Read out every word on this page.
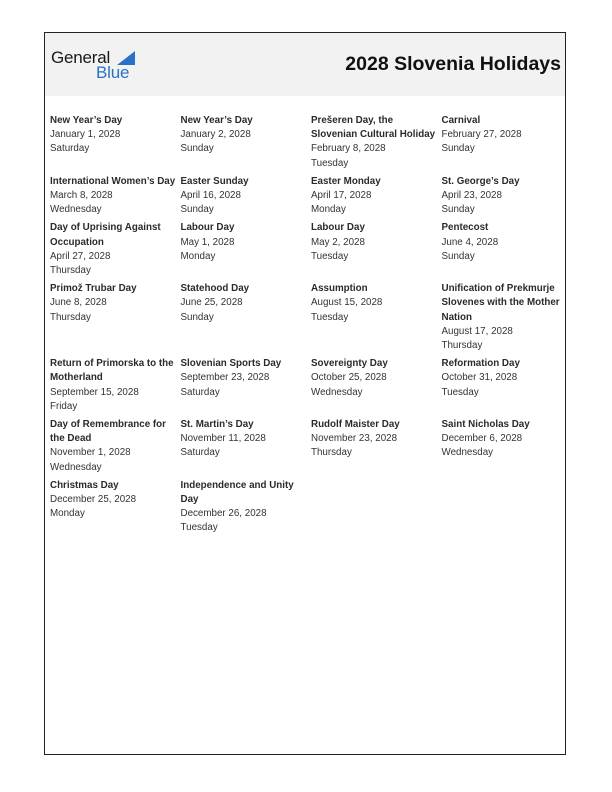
General
Blue	2028 Slovenia Holidays
New Year’s Day
January 1, 2028
Saturday
New Year’s Day
January 2, 2028
Sunday
Prešeren Day, the Slovenian Cultural Holiday
February 8, 2028
Tuesday
Carnival
February 27, 2028
Sunday
International Women’s Day
March 8, 2028
Wednesday
Easter Sunday
April 16, 2028
Sunday
Easter Monday
April 17, 2028
Monday
St. George’s Day
April 23, 2028
Sunday
Day of Uprising Against Occupation
April 27, 2028
Thursday
Labour Day
May 1, 2028
Monday
Labour Day
May 2, 2028
Tuesday
Pentecost
June 4, 2028
Sunday
Primož Trubar Day
June 8, 2028
Thursday
Statehood Day
June 25, 2028
Sunday
Assumption
August 15, 2028
Tuesday
Unification of Prekmurje Slovenes with the Mother Nation
August 17, 2028
Thursday
Return of Primorska to the Motherland
September 15, 2028
Friday
Slovenian Sports Day
September 23, 2028
Saturday
Sovereignty Day
October 25, 2028
Wednesday
Reformation Day
October 31, 2028
Tuesday
Day of Remembrance for the Dead
November 1, 2028
Wednesday
St. Martin’s Day
November 11, 2028
Saturday
Rudolf Maister Day
November 23, 2028
Thursday
Saint Nicholas Day
December 6, 2028
Wednesday
Christmas Day
December 25, 2028
Monday
Independence and Unity Day
December 26, 2028
Tuesday
